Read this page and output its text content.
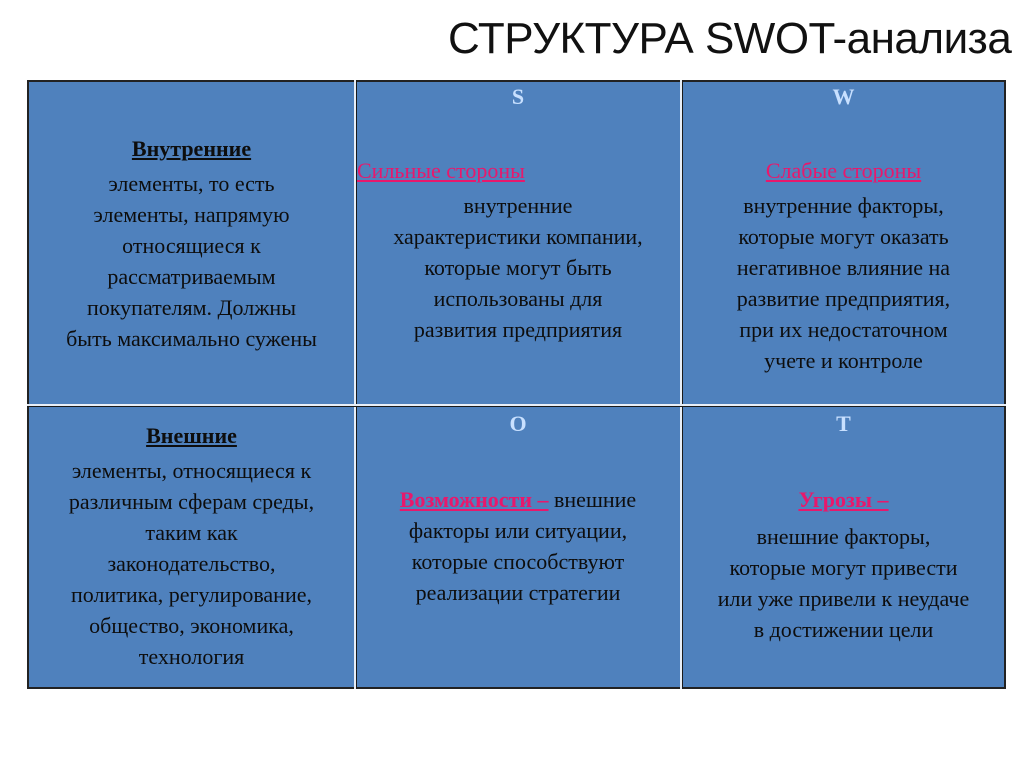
СТРУКТУРА SWOT-анализа
Внутренние
элементы, то есть
элементы, напрямую
относящиеся к
рассматриваемым
покупателям. Должны
быть максимально сужены
S
Сильные стороны
внутренние
характеристики компании,
которые могут быть
использованы для
развития предприятия
W
Слабые стороны
внутренние факторы,
которые могут оказать
негативное влияние на
развитие предприятия,
при их недостаточном
учете и контроле
Внешние
элементы, относящиеся к
различным сферам среды,
таким как
законодательство,
политика, регулирование,
общество, экономика,
технология
O
Возможности – внешние
факторы или ситуации,
которые способствуют
реализации стратегии
T
Угрозы –
внешние факторы,
которые могут привести
или уже привели к неудаче
в достижении цели
